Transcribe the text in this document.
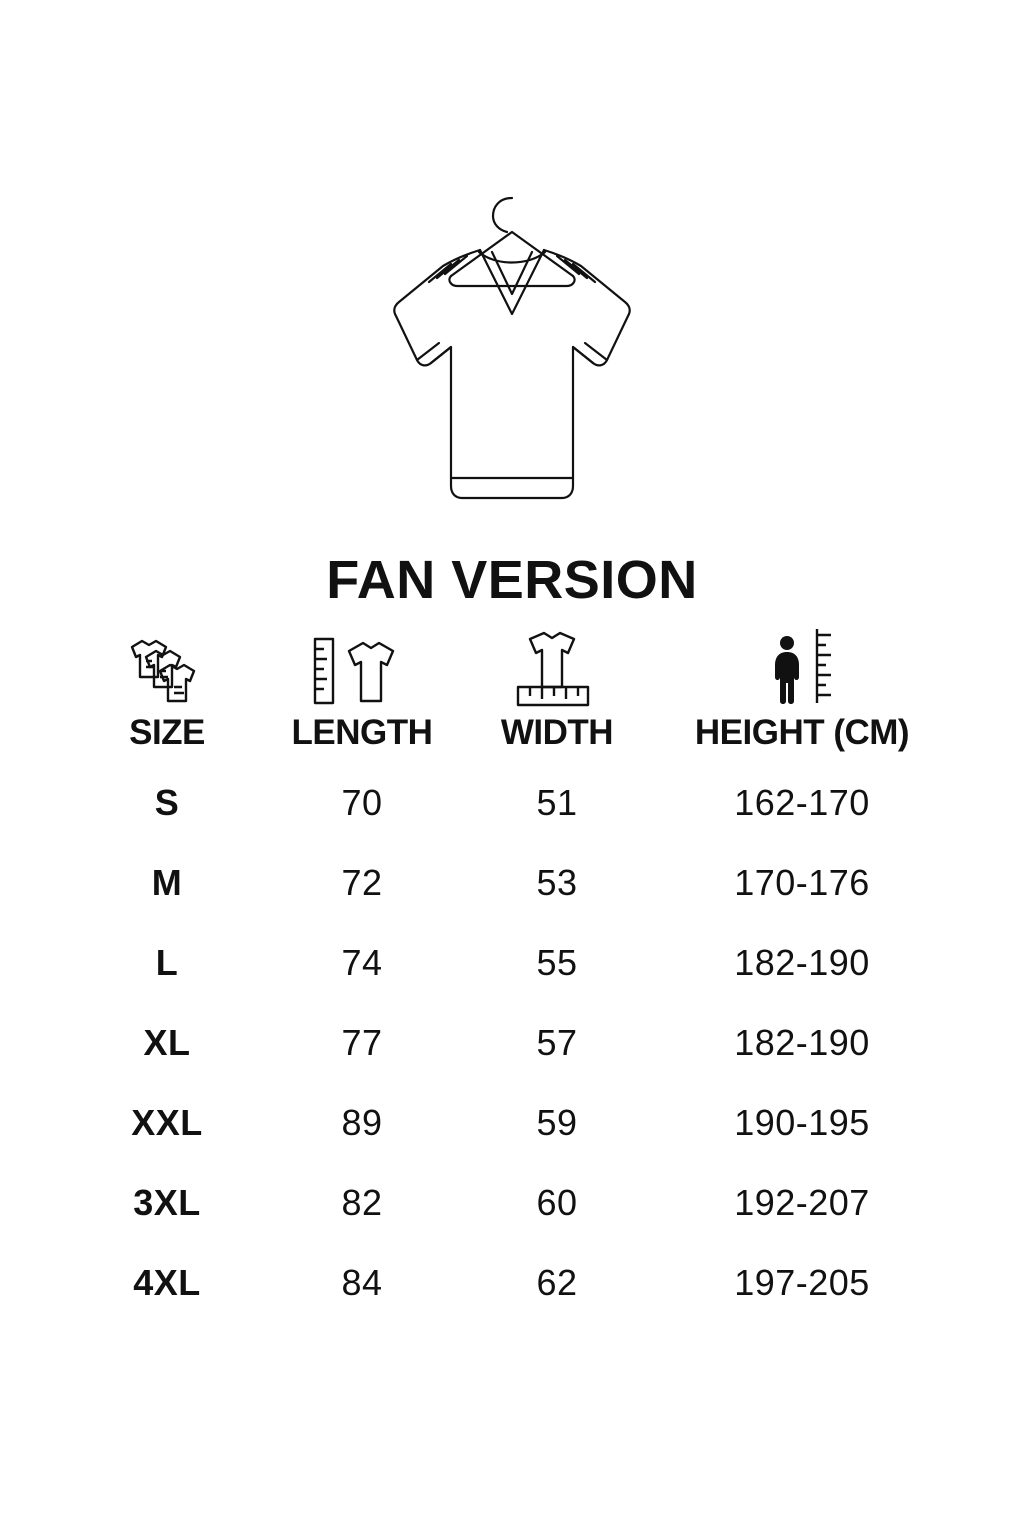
FAN VERSION

SIZE	LENGTH	WIDTH	HEIGHT (CM)
S	70	51	162-170
M	72	53	170-176
L	74	55	182-190
XL	77	57	182-190
XXL	89	59	190-195
3XL	82	60	192-207
4XL	84	62	197-205
